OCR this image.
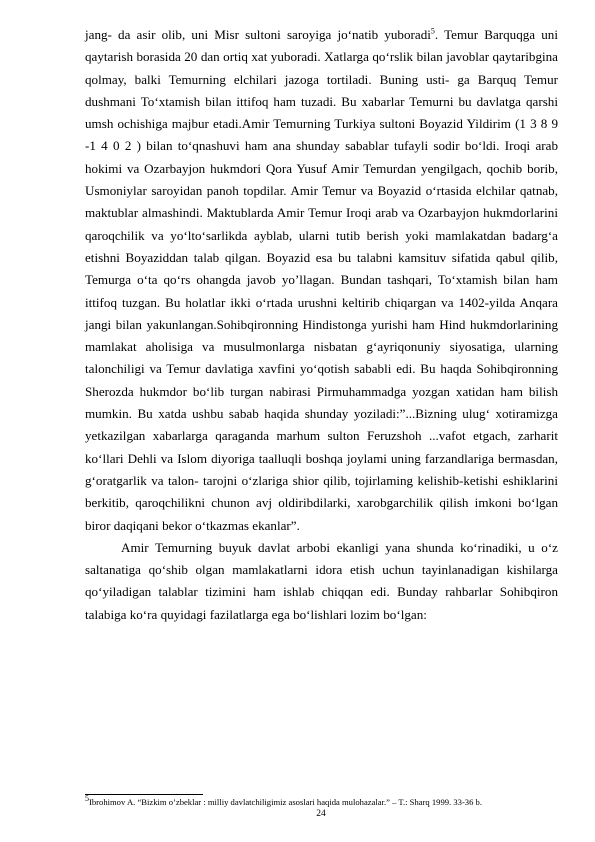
jang- da asir olib, uni Misr sultoni saroyiga jo‘natib yuboradi$^5$. Temur Barquqga uni qaytarish borasida 20 dan ortiq xat yuboradi. Xatlarga qo‘rslik bilan javoblar qaytaribgina qolmay, balki Temurning elchilari jazoga tortiladi. Buning usti- ga Barquq Temur dushmani To‘xtamish bilan ittifoq ham tuzadi. Bu xabarlar Temurni bu davlatga qarshi umsh ochishiga majbur etadi.Amir Temurning Turkiya sultoni Boyazid Yildirim (1 3 8 9 -1 4 0 2 ) bilan to‘qnashuvi ham ana shunday sabablar tufayli sodir bo‘ldi. Iroqi arab hokimi va Ozarbayjon hukmdori Qora Yusuf Amir Temurdan yengilgach, qochib borib, Usmoniylar saroyidan panoh topdilar. Amir Temur va Boyazid o‘rtasida elchilar qatnab, maktublar almashindi. Maktublarda Amir Temur Iroqi arab va Ozarbayjon hukmdorlarini qaroqchilik va yo‘lto‘sarlikda ayblab, ularni tutib berish yoki mamlakatdan badarg‘a etishni Boyaziddan talab qilgan. Boyazid esa bu talabni kamsituv sifatida qabul qilib, Temurga o‘ta qo‘rs ohangda javob yo’llagan. Bundan tashqari, To‘xtamish bilan ham ittifoq tuzgan. Bu holatlar ikki o‘rtada urushni keltirib chiqargan va 1402-yilda Anqara jangi bilan yakunlangan.Sohibqironning Hindistonga yurishi ham Hind hukmdorlarining mamlakat aholisiga va musulmonlarga nisbatan g‘ayriqonuniy siyosatiga, ularning talonchiligi va Temur davlatiga xavfini yo‘qotish sababli edi. Bu haqda Sohibqironning Sherozda hukmdor bo‘lib turgan nabirasi Pirmuhammadga yozgan xatidan ham bilish mumkin. Bu xatda ushbu sabab haqida shunday yoziladi:”...Bizning ulug‘ xotiramizga yetkazilgan xabarlarga qaraganda marhum sulton Feruzshoh ...vafot etgach, zarharit ko‘llari Dehli va Islom diyoriga taalluqli boshqa joylami uning farzandlariga bermasdan, g‘oratgarlik va talon- tarojni o‘zlariga shior qilib, tojirlaming kelishib-ketishi eshiklarini berkitib, qaroqchilikni chunon avj oldiribdilarki, xarobgarchilik qilish imkoni bo‘lgan biror daqiqani bekor o‘tkazmas ekanlar”.

Amir Temurning buyuk davlat arbobi ekanligi yana shunda ko‘rinadiki, u o‘z saltanatiga qo‘shib olgan mamlakatlarni idora etish uchun tayinlanadigan kishilarga qo‘yiladigan talablar tizimini ham ishlab chiqqan edi. Bunday rahbarlar Sohibqiron talabiga ko‘ra quyidagi fazilatlarga ega bo‘lishlari lozim bo‘lgan:

$^5$Ibrohimov A. “Bizkim o’zbeklar : milliy davlatchiligimiz asoslari haqida mulohazalar.” – T.: Sharq 1999. 33-36 b.
24
